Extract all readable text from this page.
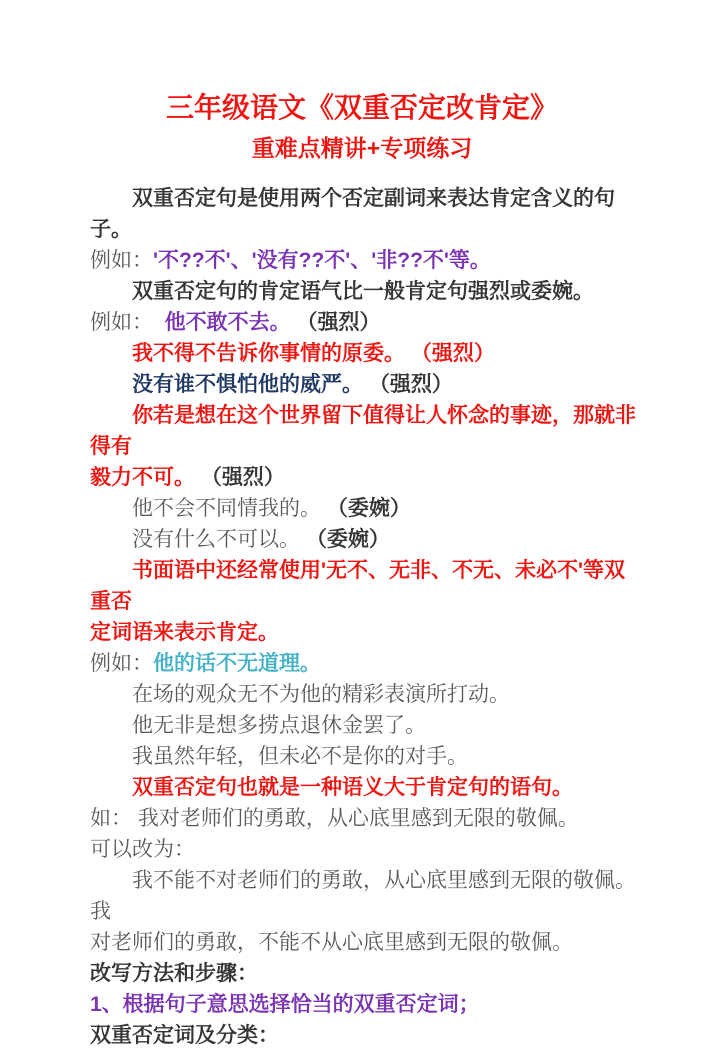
三年级语文《双重否定改肯定》
重难点精讲+专项练习
双重否定句是使用两个否定副词来表达肯定含义的句子。
例如：'不??不'、'没有??不'、'非??不'等。
双重否定句的肯定语气比一般肯定句强烈或委婉。
例如：  他不敢不去。 （强烈）
我不得不告诉你事情的原委。 （强烈）
没有谁不惧怕他的威严。 （强烈）
你若是想在这个世界留下值得让人怀念的事迹，那就非得有
毅力不可。 （强烈）
他不会不同情我的。 （委婉）
没有什么不可以。 （委婉）
书面语中还经常使用'无不、无非、不无、未必不'等双重否
定词语来表示肯定。
例如：他的话不无道理。
在场的观众无不为他的精彩表演所打动。
他无非是想多捞点退休金罢了。
我虽然年轻，但未必不是你的对手。
双重否定句也就是一种语义大于肯定句的语句。
如： 我对老师们的勇敢，从心底里感到无限的敬佩。
可以改为：
我不能不对老师们的勇敢，从心底里感到无限的敬佩。 我
对老师们的勇敢，不能不从心底里感到无限的敬佩。
改写方法和步骤：
1、根据句子意思选择恰当的双重否定词；
双重否定词及分类：
